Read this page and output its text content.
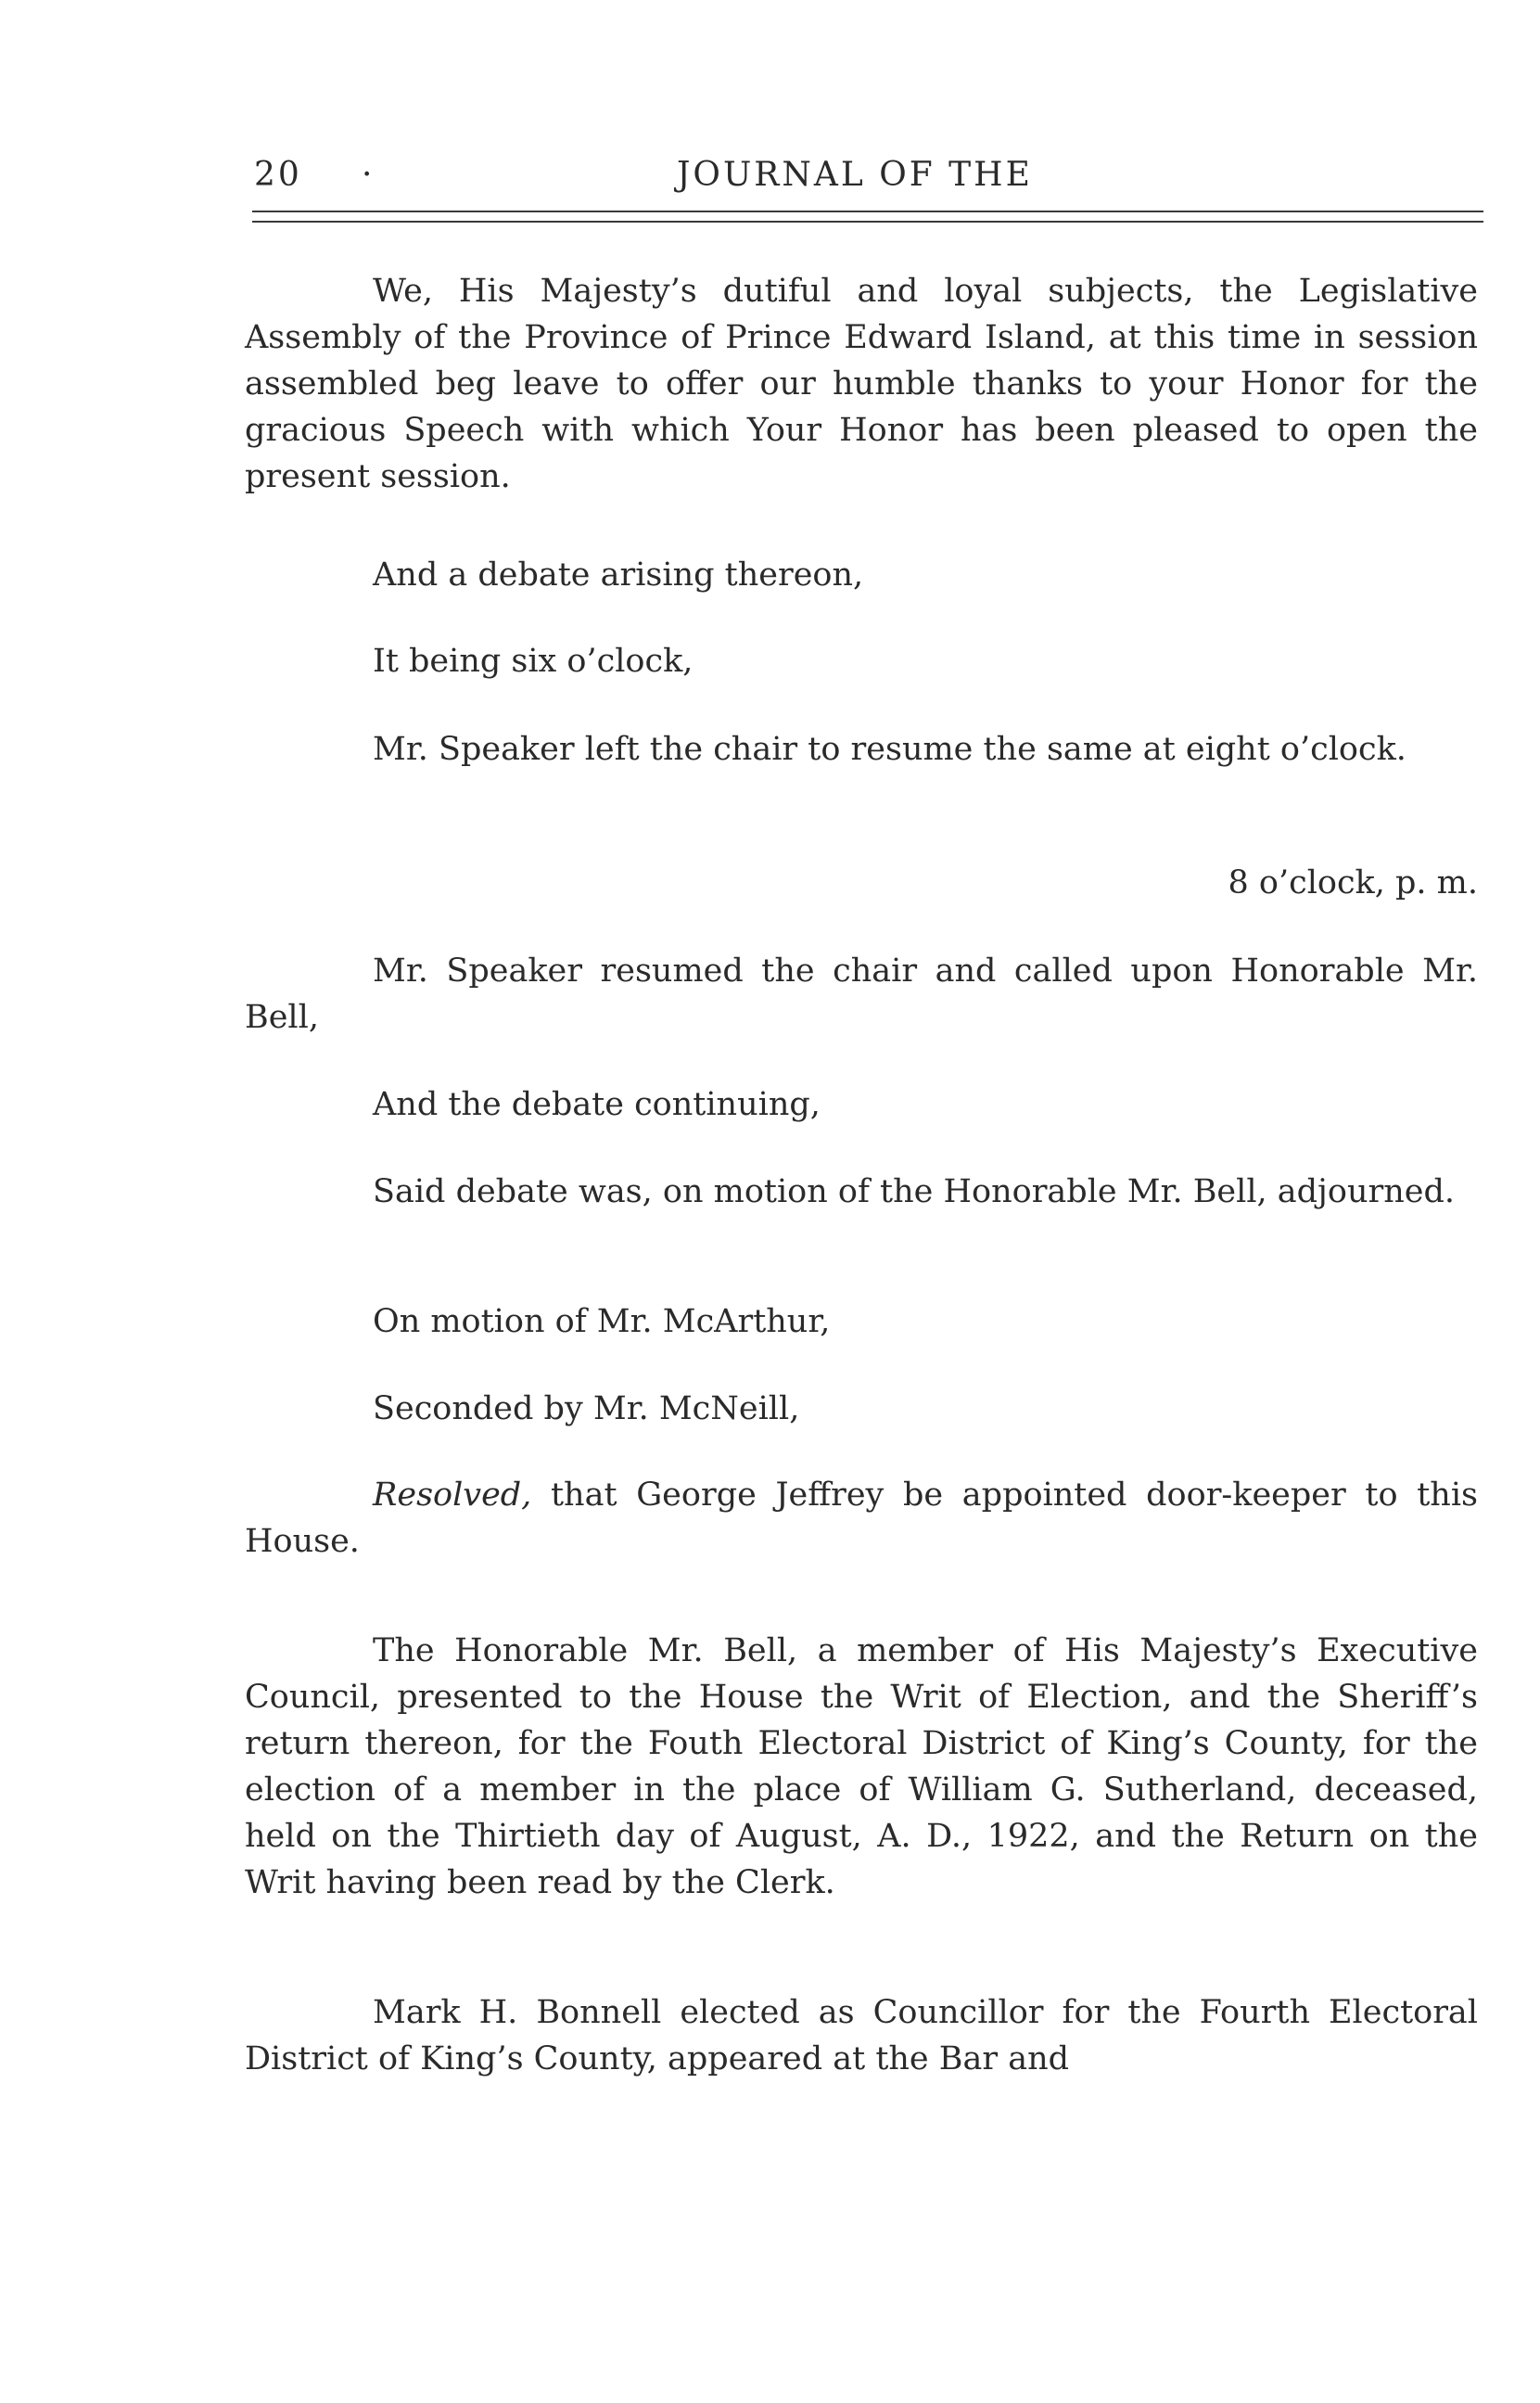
20 ·	JOURNAL OF THE

We, His Majesty’s dutiful and loyal subjects, the Legislative Assembly of the Province of Prince Edward Island, at this time in session assembled beg leave to offer our humble thanks to your Honor for the gracious Speech with which Your Honor has been pleased to open the present session.

And a debate arising thereon,

It being six o’clock,

Mr. Speaker left the chair to resume the same at eight o’clock.

8 o’clock, p. m.

Mr. Speaker resumed the chair and called upon Honorable Mr. Bell,

And the debate continuing,

Said debate was, on motion of the Honorable Mr. Bell, adjourned.

On motion of Mr. McArthur,

Seconded by Mr. McNeill,

Resolved, that George Jeffrey be appointed door-keeper to this House.

The Honorable Mr. Bell, a member of His Majesty’s Executive Council, presented to the House the Writ of Election, and the Sheriff’s return thereon, for the Fouth Electoral District of King’s County, for the election of a member in the place of William G. Sutherland, deceased, held on the Thirtieth day of August, A. D., 1922, and the Return on the Writ having been read by the Clerk.

Mark H. Bonnell elected as Councillor for the Fourth Electoral District of King’s County, appeared at the Bar and
